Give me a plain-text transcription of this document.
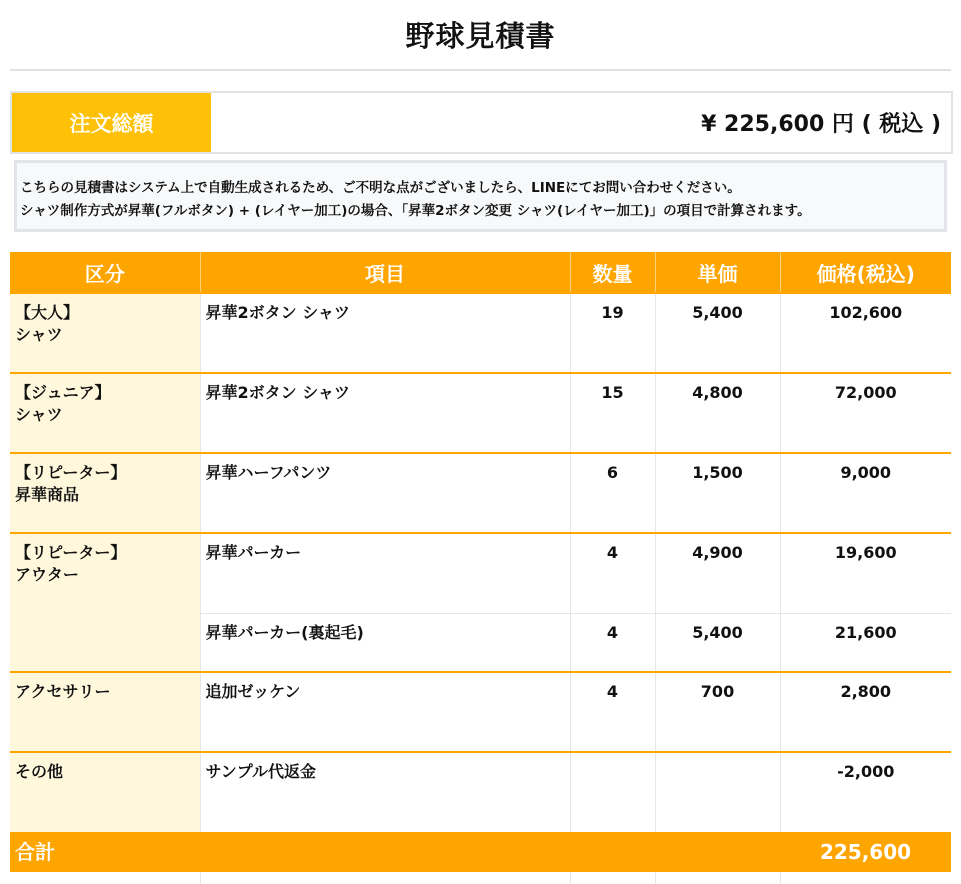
野球見積書
注文総額	¥ 225,600 円 ( 税込 )
こちらの見積書はシステム上で自動生成されるため、ご不明な点がございましたら、LINEにてお問い合わせください。
シャツ制作方式が昇華(フルボタン) + (レイヤー加工)の場合、「昇華2ボタン変更 シャツ(レイヤー加工)」の項目で計算されます。
区分	項目	数量	単価	価格(税込)
【大人】
シャツ	昇華2ボタン シャツ	19	5,400	102,600
【ジュニア】
シャツ	昇華2ボタン シャツ	15	4,800	72,000
【リピーター】
昇華商品	昇華ハーフパンツ	6	1,500	9,000
【リピーター】
アウター	昇華パーカー	4	4,900	19,600
	昇華パーカー(裏起毛)	4	5,400	21,600
アクセサリー	追加ゼッケン	4	700	2,800
その他	サンプル代返金			-2,000
合計				225,600
